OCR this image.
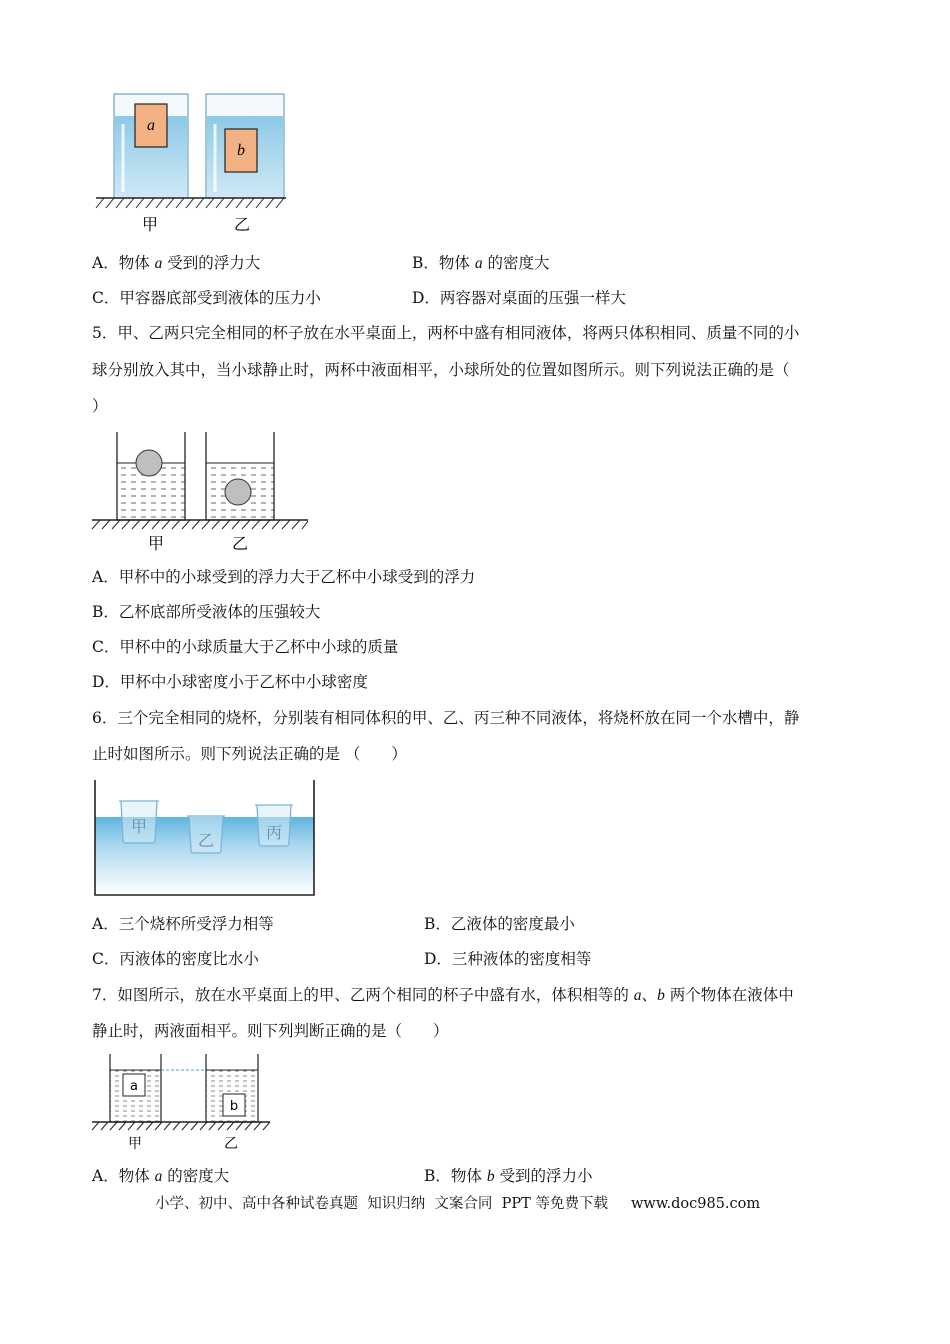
a
b
甲	乙
A．物体 a 受到的浮力大	B．物体 a 的密度大
C．甲容器底部受到液体的压力小	D．两容器对桌面的压强一样大
5．甲、乙两只完全相同的杯子放在水平桌面上，两杯中盛有相同液体，将两只体积相同、质量不同的小
球分别放入其中，当小球静止时，两杯中液面相平，小球所处的位置如图所示。则下列说法正确的是（
）
甲	乙
A．甲杯中的小球受到的浮力大于乙杯中小球受到的浮力
B．乙杯底部所受液体的压强较大
C．甲杯中的小球质量大于乙杯中小球的质量
D．甲杯中小球密度小于乙杯中小球密度
6．三个完全相同的烧杯，分别装有相同体积的甲、乙、丙三种不同液体，将烧杯放在同一个水槽中，静
止时如图所示。则下列说法正确的是 （　　）
甲
乙	丙
A．三个烧杯所受浮力相等	B．乙液体的密度最小
C．丙液体的密度比水小	D．三种液体的密度相等
7．如图所示，放在水平桌面上的甲、乙两个相同的杯子中盛有水，体积相等的 a、b 两个物体在液体中
静止时，两液面相平。则下列判断正确的是（　　）
a
b
甲	乙
A．物体 a 的密度大	B．物体 b 受到的浮力小
小学、初中、高中各种试卷真题  知识归纳  文案合同  PPT 等免费下载     www.doc985.com
